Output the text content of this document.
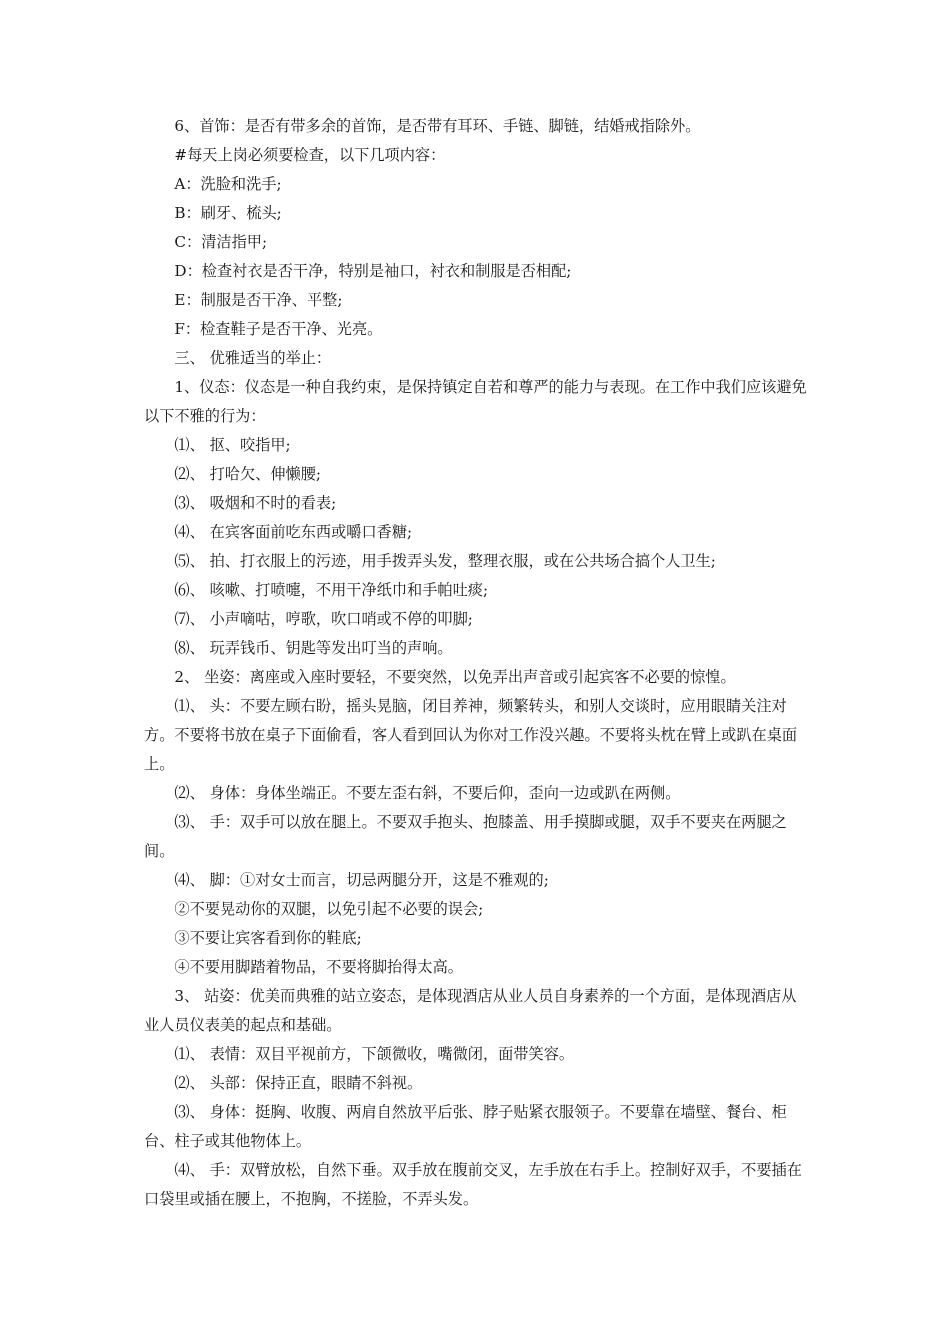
6、首饰：是否有带多余的首饰，是否带有耳环、手链、脚链，结婚戒指除外。

#每天上岗必须要检查，以下几项内容：

A：洗脸和洗手;

B：刷牙、梳头;

C：清洁指甲;

D：检查衬衣是否干净，特别是袖口，衬衣和制服是否相配;

E：制服是否干净、平整;

F：检查鞋子是否干净、光亮。

三、 优雅适当的举止：

1、仪态：仪态是一种自我约束，是保持镇定自若和尊严的能力与表现。在工作中我们应该避免以下不雅的行为：

⑴、 抠、咬指甲;

⑵、 打哈欠、伸懒腰;

⑶、 吸烟和不时的看表;

⑷、 在宾客面前吃东西或嚼口香糖;

⑸、 拍、打衣服上的污迹，用手拨弄头发，整理衣服，或在公共场合搞个人卫生;

⑹、 咳嗽、打喷嚏，不用干净纸巾和手帕吐痰;

⑺、 小声嘀咕，哼歌，吹口哨或不停的叩脚;

⑻、 玩弄钱币、钥匙等发出叮当的声响。

2、 坐姿：离座或入座时要轻，不要突然，以免弄出声音或引起宾客不必要的惊惶。

⑴、 头：不要左顾右盼，摇头晃脑，闭目养神，频繁转头，和别人交谈时，应用眼睛关注对方。不要将书放在桌子下面偷看，客人看到回认为你对工作没兴趣。不要将头枕在臂上或趴在桌面上。

⑵、 身体：身体坐端正。不要左歪右斜，不要后仰，歪向一边或趴在两侧。

⑶、 手：双手可以放在腿上。不要双手抱头、抱膝盖、用手摸脚或腿，双手不要夹在两腿之间。

⑷、 脚：①对女士而言，切忌两腿分开，这是不雅观的;

②不要晃动你的双腿，以免引起不必要的误会;

③不要让宾客看到你的鞋底;

④不要用脚踏着物品，不要将脚抬得太高。

3、 站姿：优美而典雅的站立姿态，是体现酒店从业人员自身素养的一个方面，是体现酒店从业人员仪表美的起点和基础。

⑴、 表情：双目平视前方，下颌微收，嘴微闭，面带笑容。

⑵、 头部：保持正直，眼睛不斜视。

⑶、 身体：挺胸、收腹、两肩自然放平后张、脖子贴紧衣服领子。不要靠在墙壁、餐台、柜台、柱子或其他物体上。

⑷、 手：双臂放松，自然下垂。双手放在腹前交叉，左手放在右手上。控制好双手，不要插在口袋里或插在腰上，不抱胸，不搓脸，不弄头发。
